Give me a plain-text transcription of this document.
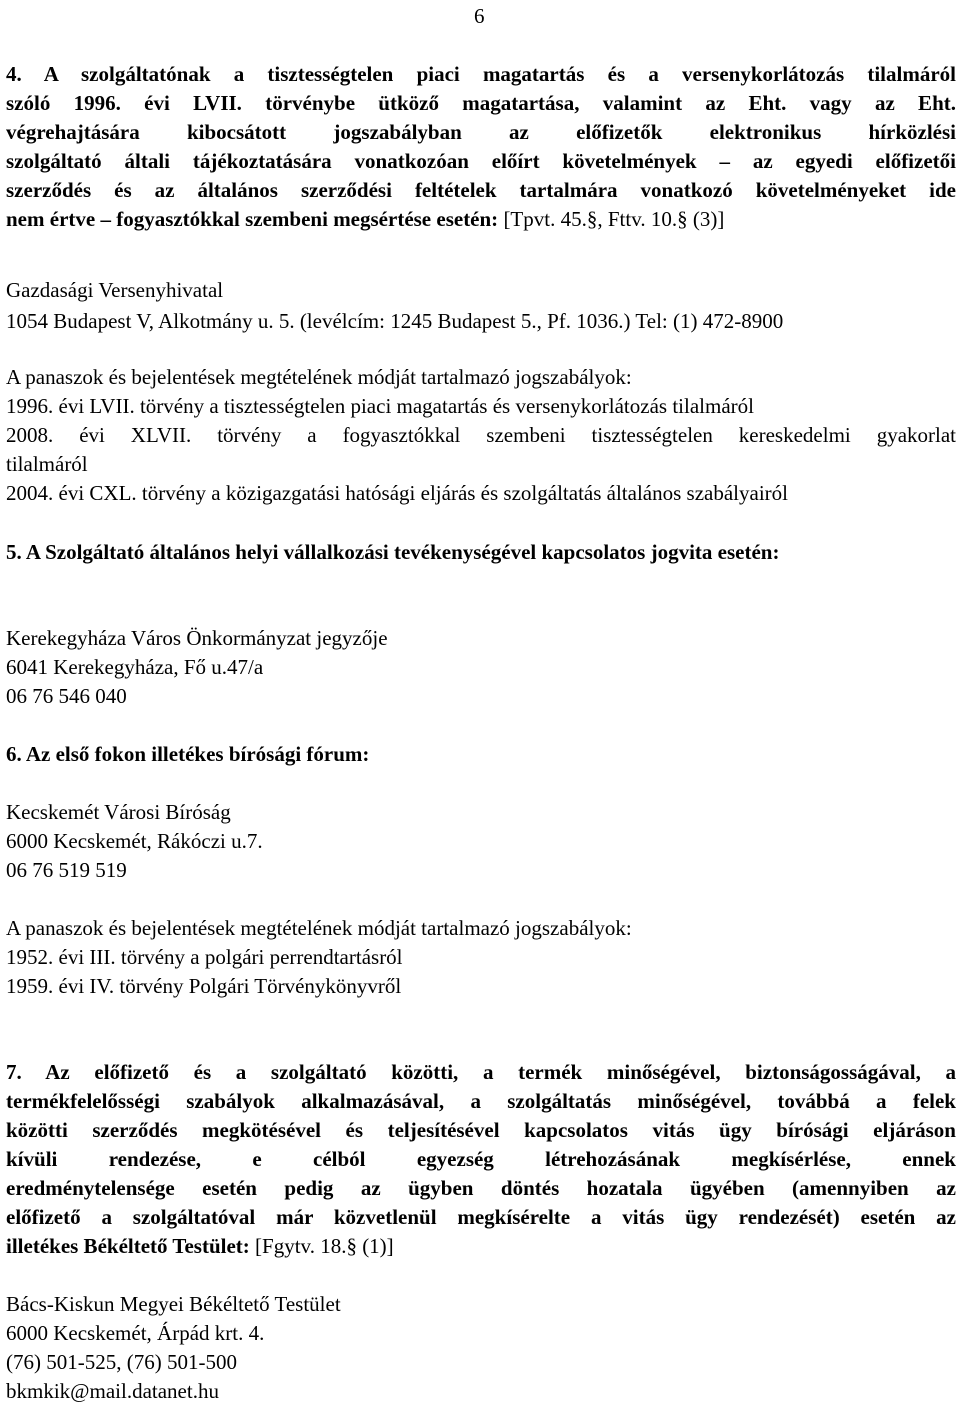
6
4. A szolgáltatónak a tisztességtelen piaci magatartás és a versenykorlátozás tilalmáról
szóló 1996. évi LVII. törvénybe ütköző magatartása, valamint az Eht. vagy az Eht.
végrehajtására kibocsátott jogszabályban az előfizetők elektronikus hírközlési
szolgáltató általi tájékoztatására vonatkozóan előírt követelmények – az egyedi előfizetői
szerződés és az általános szerződési feltételek tartalmára vonatkozó követelményeket ide
nem értve – fogyasztókkal szembeni megsértése esetén: [Tpvt. 45.§, Fttv. 10.§ (3)]
Gazdasági Versenyhivatal
1054 Budapest V, Alkotmány u. 5. (levélcím: 1245 Budapest 5., Pf. 1036.) Tel: (1) 472-8900
A panaszok és bejelentések megtételének módját tartalmazó jogszabályok:
1996. évi LVII. törvény a tisztességtelen piaci magatartás és versenykorlátozás tilalmáról
2008. évi XLVII. törvény a fogyasztókkal szembeni tisztességtelen kereskedelmi gyakorlat
tilalmáról
2004. évi CXL. törvény a közigazgatási hatósági eljárás és szolgáltatás általános szabályairól
5. A Szolgáltató általános helyi vállalkozási tevékenységével kapcsolatos jogvita esetén:
Kerekegyháza Város Önkormányzat jegyzője
6041 Kerekegyháza, Fő u.47/a
06 76 546 040
6. Az első fokon illetékes bírósági fórum:
Kecskemét Városi Bíróság
6000 Kecskemét, Rákóczi u.7.
06 76 519 519
A panaszok és bejelentések megtételének módját tartalmazó jogszabályok:
1952. évi III. törvény a polgári perrendtartásról
1959. évi IV. törvény Polgári Törvénykönyvről
7. Az előfizető és a szolgáltató közötti, a termék minőségével, biztonságosságával, a
termékfelelősségi szabályok alkalmazásával, a szolgáltatás minőségével, továbbá a felek
közötti szerződés megkötésével és teljesítésével kapcsolatos vitás ügy bírósági eljáráson
kívüli rendezése, e célból egyezség létrehozásának megkísérlése, ennek
eredménytelensége esetén pedig az ügyben döntés hozatala ügyében (amennyiben az
előfizető a szolgáltatóval már közvetlenül megkísérelte a vitás ügy rendezését) esetén az
illetékes Békéltető Testület: [Fgytv. 18.§ (1)]
Bács-Kiskun Megyei Békéltető Testület
6000 Kecskemét, Árpád krt. 4.
(76) 501-525, (76) 501-500
bkmkik@mail.datanet.hu
